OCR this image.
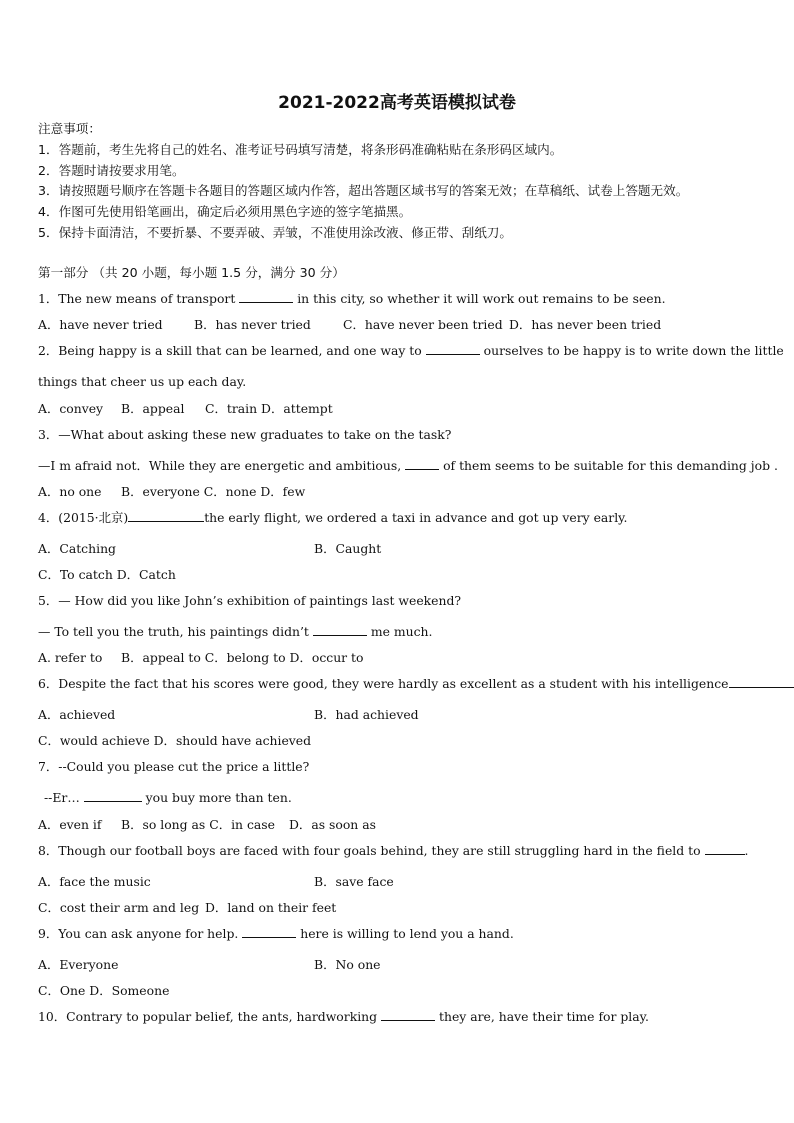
2021-2022高考英语模拟试卷
注意事项：
1．答题前，考生先将自己的姓名、准考证号码填写清楚，将条形码准确粘贴在条形码区域内。
2．答题时请按要求用笔。
3．请按照题号顺序在答题卡各题目的答题区域内作答，超出答题区域书写的答案无效；在草稿纸、试卷上答题无效。
4．作图可先使用铅笔画出，确定后必须用黑色字迹的签字笔描黑。
5．保持卡面清洁，不要折暴、不要弄破、弄皱，不准使用涂改液、修正带、刮纸刀。
第一部分 （共 20 小题，每小题 1.5 分，满分 30 分）
1．The new means of transport	in this city, so whether it will work out remains to be seen.
A．have never tried	B．has never tried	C．have never been tried D．has never been tried
2．Being happy is a skill that can be learned, and one way to	ourselves to be happy is to write down the little
things that cheer us up each day.
A．convey B．appeal C．train D．attempt
3．—What about asking these new graduates to take on the task?
—I m afraid not．While they are energetic and ambitious,	of them seems to be suitable for this demanding job .
A．no one B．everyone C．none D．few
4．(2015·北京)	the early flight, we ordered a taxi in advance and got up very early.
A．Catching	B．Caught
C．To catch D．Catch
5．— How did you like John’s exhibition of paintings last weekend?
— To tell you the truth, his paintings didn’t	me much.
A. refer to B．appeal to C．belong to D．occur to
6．Despite the fact that his scores were good, they were hardly as excellent as a student with his intelligence
A．achieved	B．had achieved
C．would achieve D．should have achieved
7．--Could you please cut the price a little?
--Er…	you buy more than ten.
A．even if B．so long as C．in case D．as soon as
8．Though our football boys are faced with four goals behind, they are still struggling hard in the field to	.
A．face the music	B．save face
C．cost their arm and leg D．land on their feet
9．You can ask anyone for help.	here is willing to lend you a hand.
A．Everyone	B．No one
C．One D．Someone
10．Contrary to popular belief, the ants, hardworking	they are, have their time for play.
